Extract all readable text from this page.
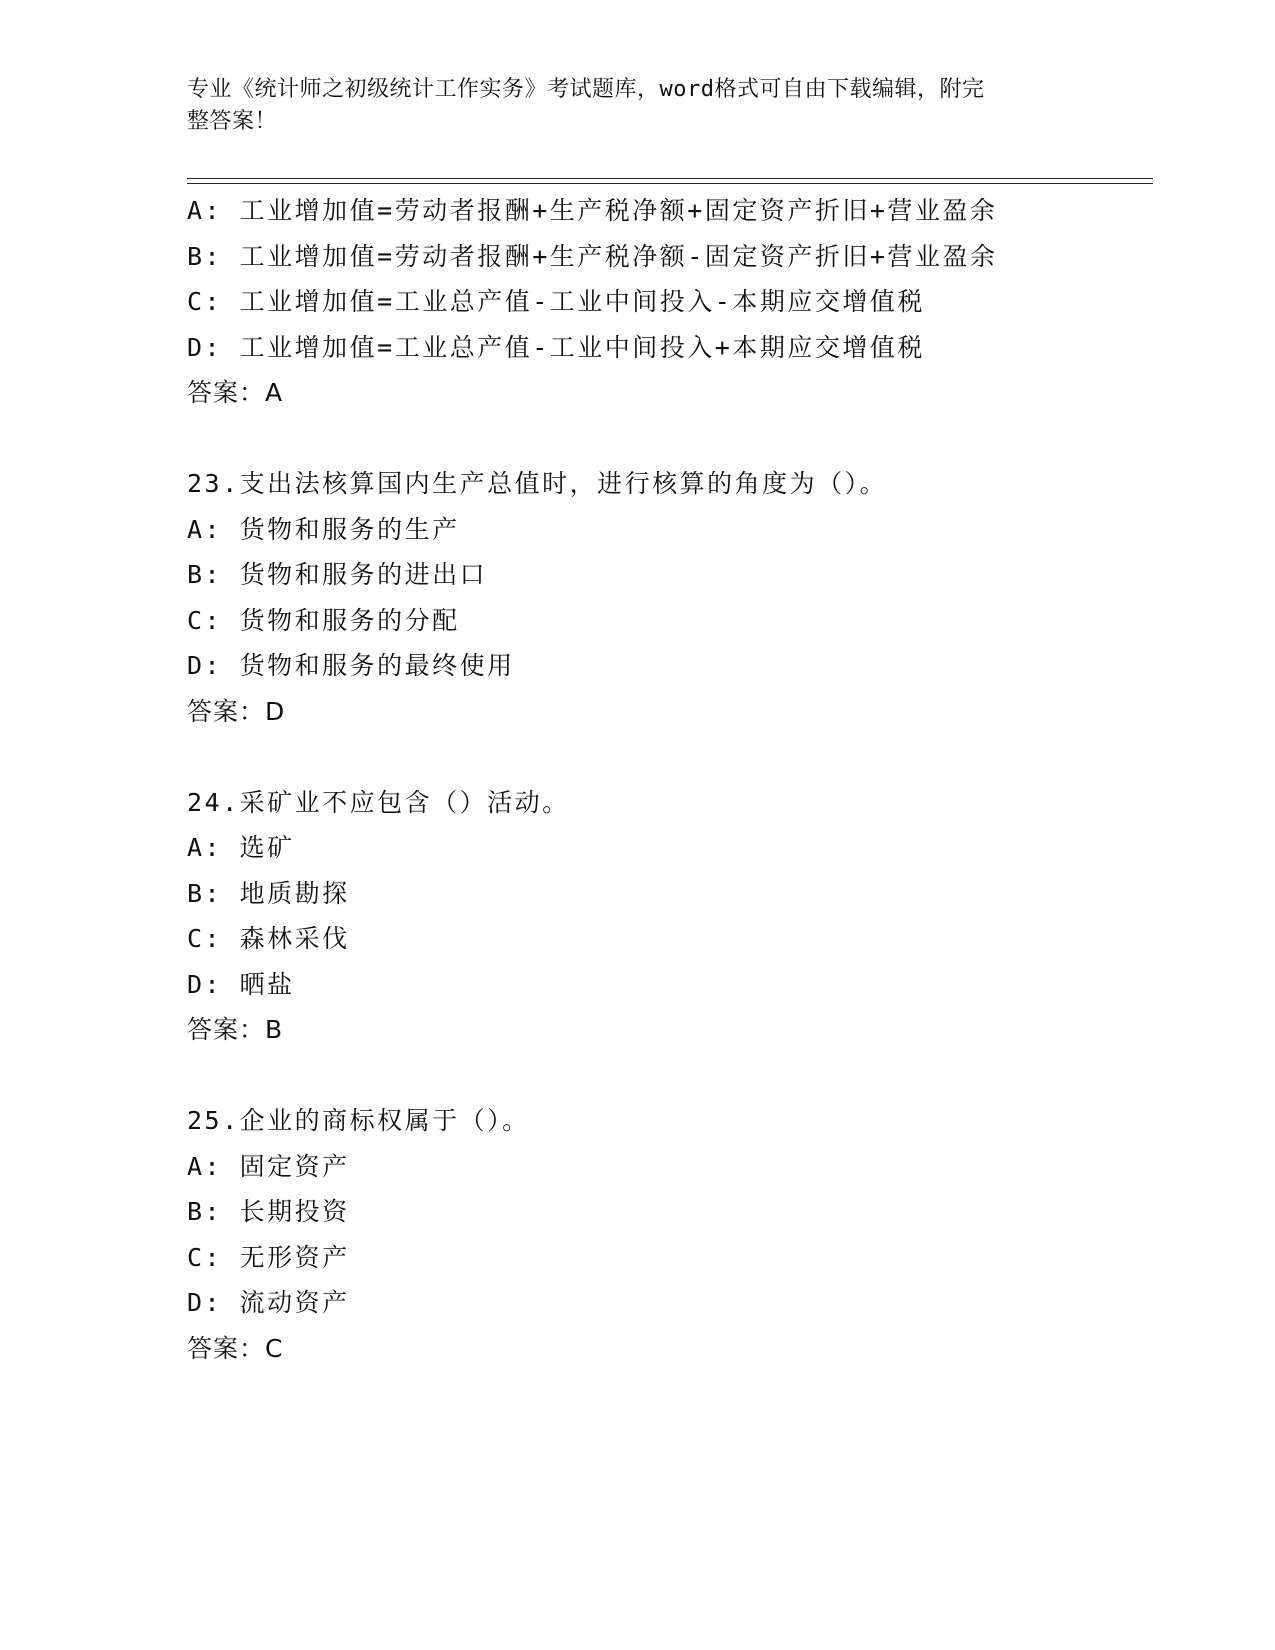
专业《统计师之初级统计工作实务》考试题库，word格式可自由下载编辑，附完
整答案！
A: 工业增加值=劳动者报酬+生产税净额+固定资产折旧+营业盈余
B: 工业增加值=劳动者报酬+生产税净额-固定资产折旧+营业盈余
C: 工业增加值=工业总产值-工业中间投入-本期应交增值税
D: 工业增加值=工业总产值-工业中间投入+本期应交增值税
答案：A
23.支出法核算国内生产总值时，进行核算的角度为（）。
A: 货物和服务的生产
B: 货物和服务的进出口
C: 货物和服务的分配
D: 货物和服务的最终使用
答案：D
24.采矿业不应包含（）活动。
A: 选矿
B: 地质勘探
C: 森林采伐
D: 晒盐
答案：B
25.企业的商标权属于（）。
A: 固定资产
B: 长期投资
C: 无形资产
D: 流动资产
答案：C
